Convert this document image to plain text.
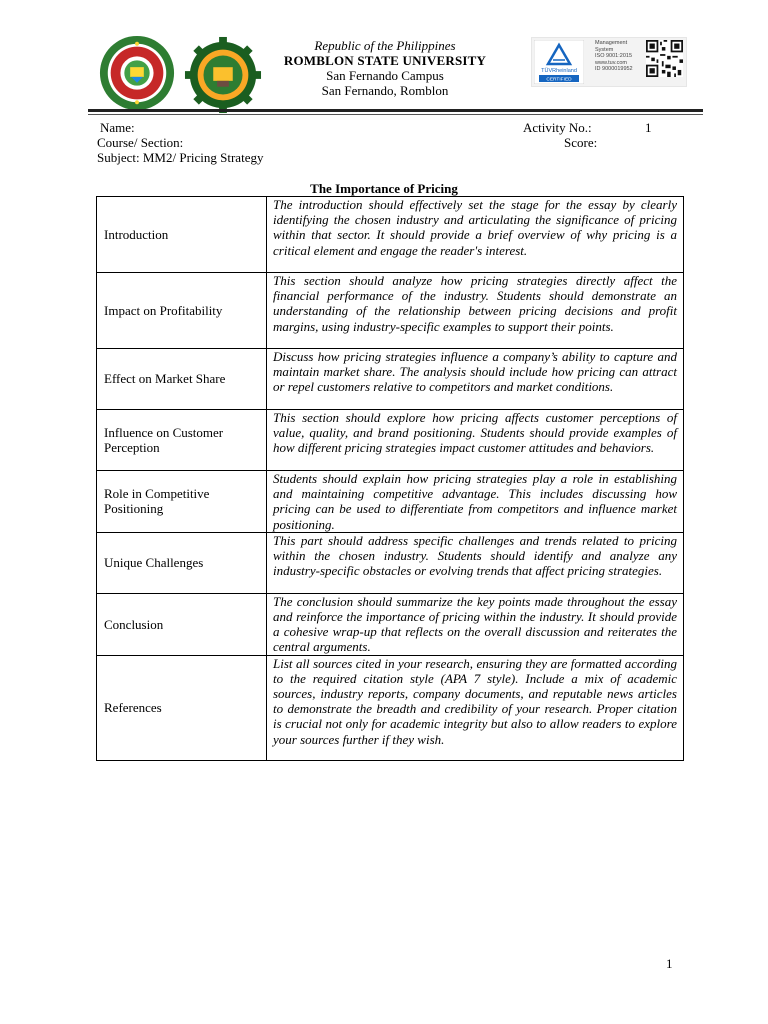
Republic of the Philippines
ROMBLON STATE UNIVERSITY
San Fernando Campus
San Fernando, Romblon
TÜVRheinland
CERTIFIED
Management
System
ISO 9001:2015
www.tuv.com
ID 9000019952
Name:
Course/ Section:
Subject: MM2/ Pricing Strategy
Activity No.:	1
Score:
The Importance of Pricing
Introduction	The introduction should effectively set the stage for the essay by clearly identifying the chosen industry and articulating the significance of pricing within that sector. It should provide a brief overview of why pricing is a critical element and engage the reader's interest.
Impact on Profitability	This section should analyze how pricing strategies directly affect the financial performance of the industry. Students should demonstrate an understanding of the relationship between pricing decisions and profit margins, using industry-specific examples to support their points.
Effect on Market Share	Discuss how pricing strategies influence a company’s ability to capture and maintain market share. The analysis should include how pricing can attract or repel customers relative to competitors and market conditions.
Influence on Customer Perception	This section should explore how pricing affects customer perceptions of value, quality, and brand positioning. Students should provide examples of how different pricing strategies impact customer attitudes and behaviors.
Role in Competitive Positioning	Students should explain how pricing strategies play a role in establishing and maintaining competitive advantage. This includes discussing how pricing can be used to differentiate from competitors and influence market positioning.
Unique Challenges	This part should address specific challenges and trends related to pricing within the chosen industry. Students should identify and analyze any industry-specific obstacles or evolving trends that affect pricing strategies.
Conclusion	The conclusion should summarize the key points made throughout the essay and reinforce the importance of pricing within the industry. It should provide a cohesive wrap-up that reflects on the overall discussion and reiterates the central arguments.
References	List all sources cited in your research, ensuring they are formatted according to the required citation style (APA 7 style). Include a mix of academic sources, industry reports, company documents, and reputable news articles to demonstrate the breadth and credibility of your research. Proper citation is crucial not only for academic integrity but also to allow readers to explore your sources further if they wish.
1
